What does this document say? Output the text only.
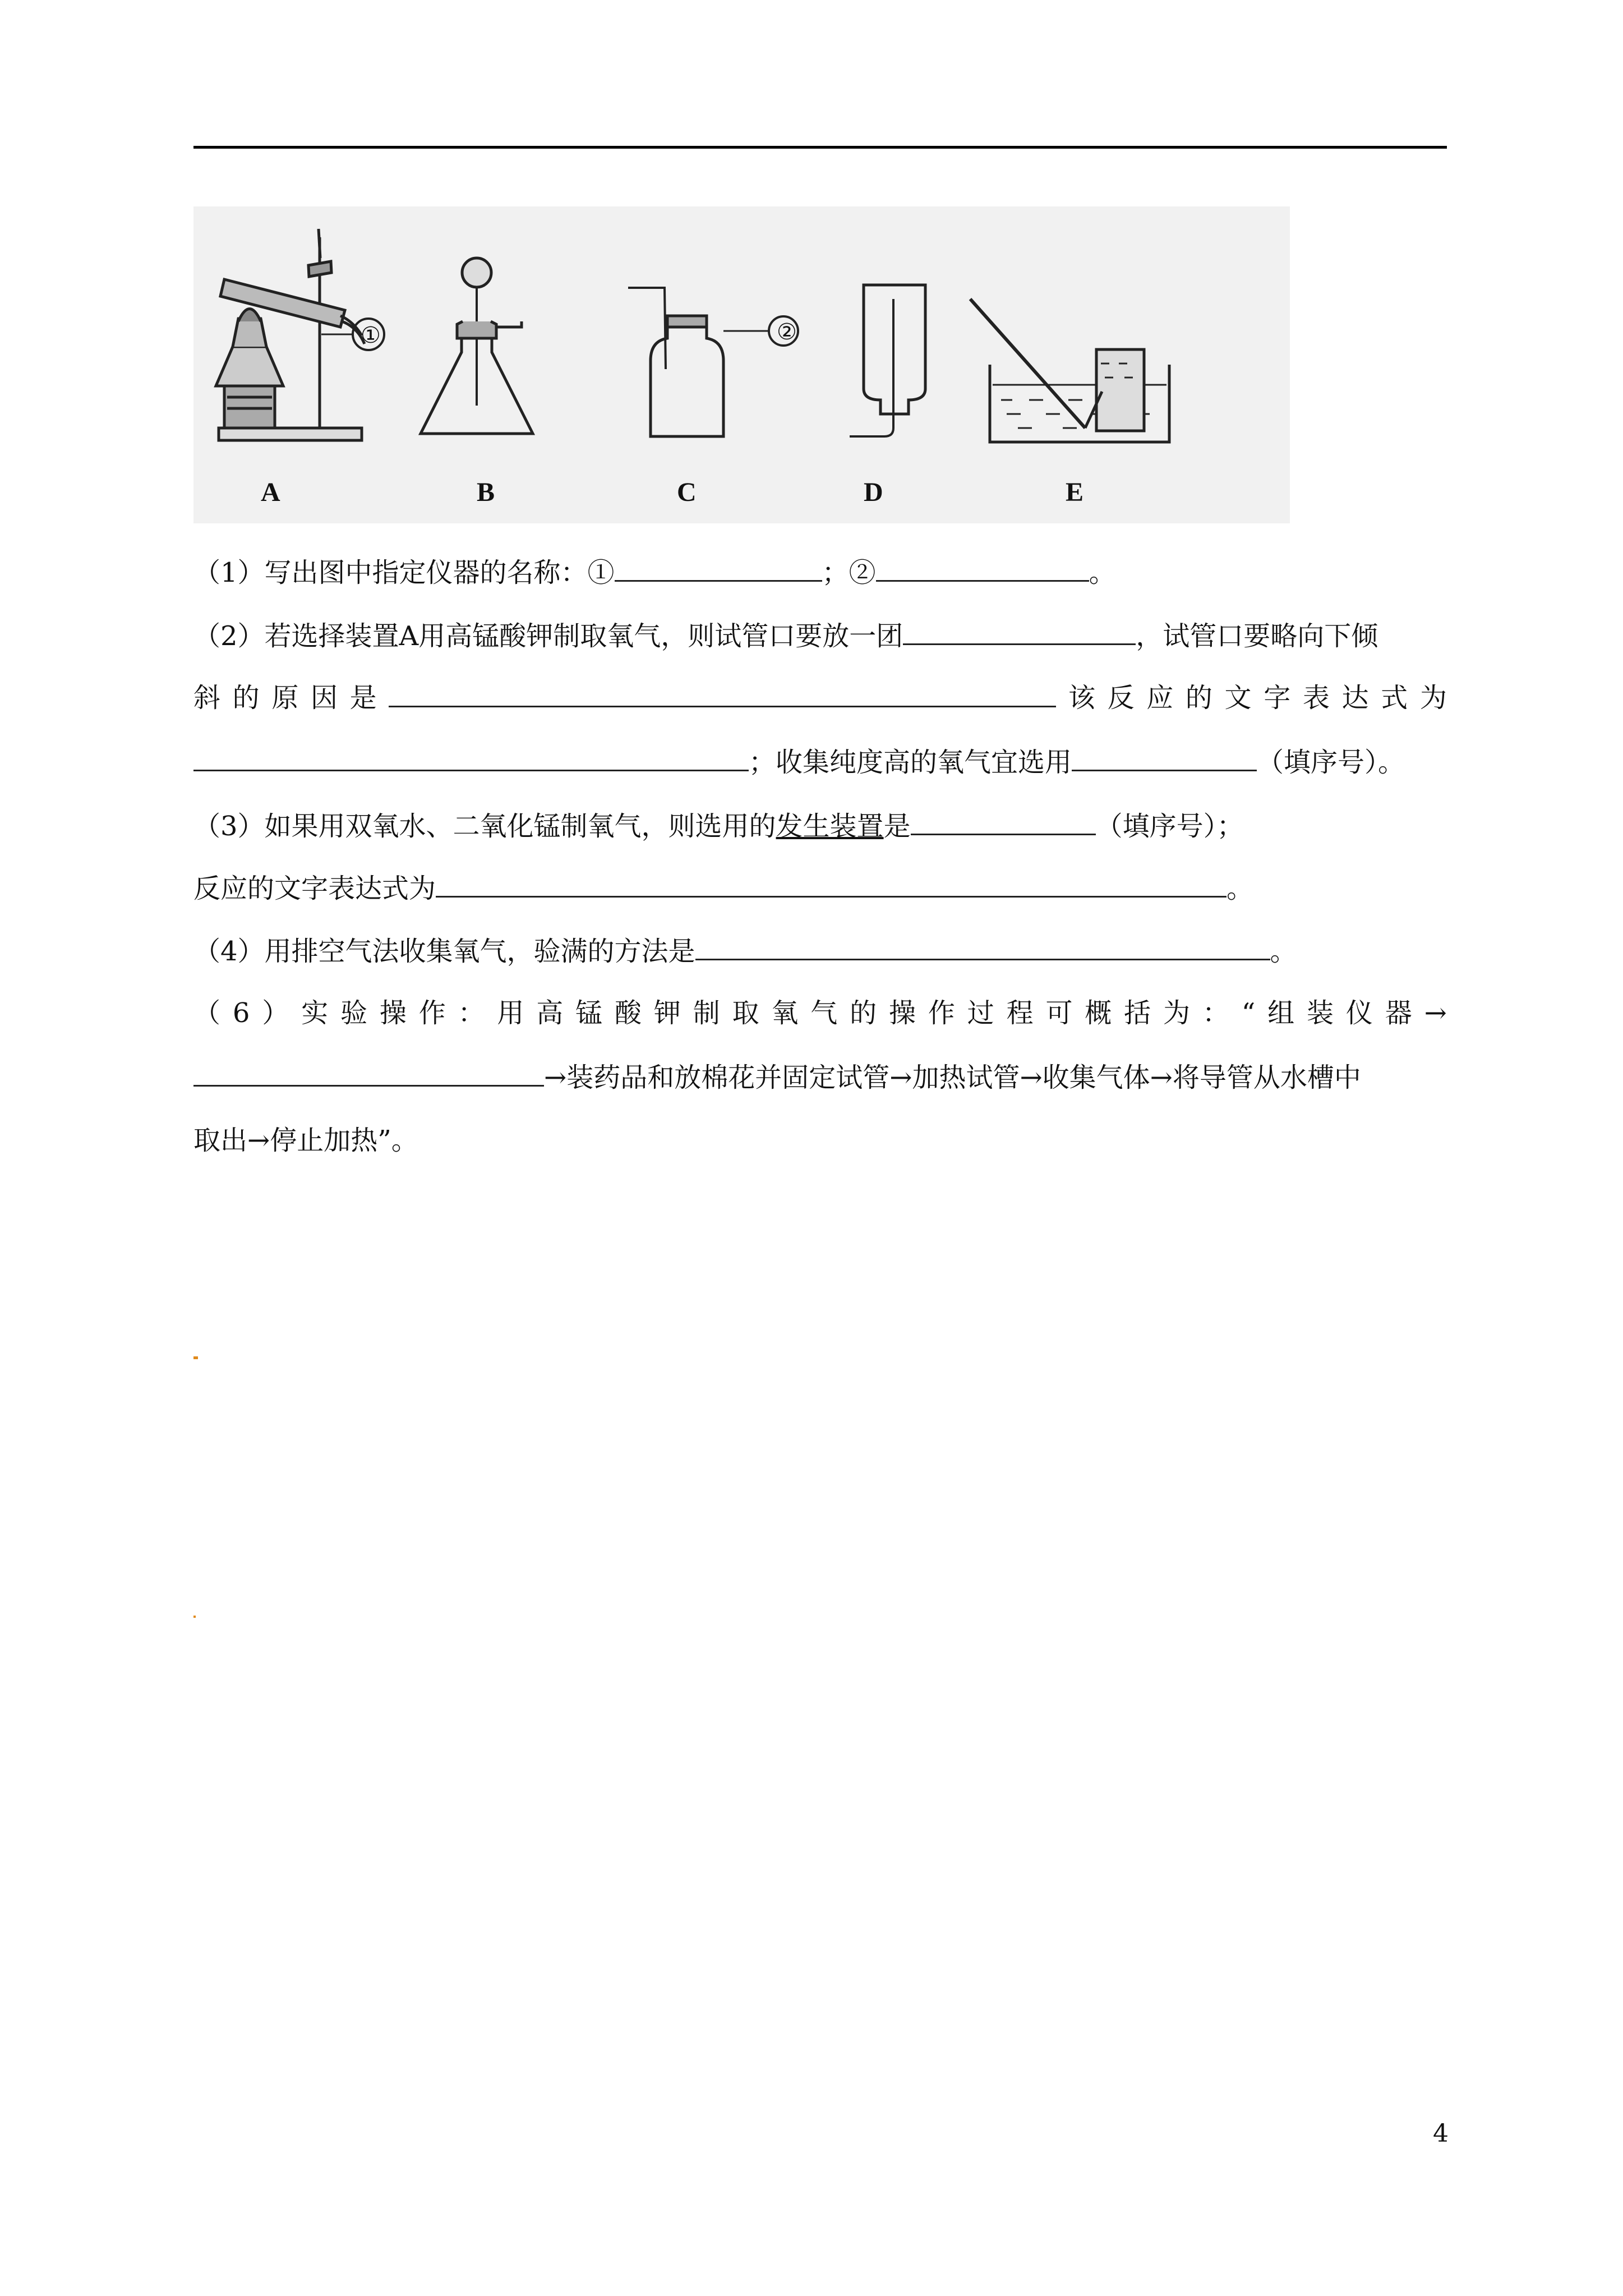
①	②
A	B	C	D	E
（1）写出图中指定仪器的名称：①	；②	。
（2）若选择装置A用高锰酸钾制取氧气，则试管口要放一团	，试管口要略向下倾
斜 的 原 因 是	该 反 应 的 文 字 表 达 式 为
；收集纯度高的氧气宜选用	（填序号）。
（3）如果用双氧水、二氧化锰制氧气，则选用的发生装置是	（填序号）；
反应的文字表达式为	。
（4）用排空气法收集氧气，验满的方法是	。
（ 6 ） 实 验 操 作 ： 用 高 锰 酸 钾 制 取 氧 气 的 操 作 过 程 可 概 括 为 ： “ 组 装 仪 器 →
→装药品和放棉花并固定试管→加热试管→收集气体→将导管从水槽中
取出→停止加热”。
4
